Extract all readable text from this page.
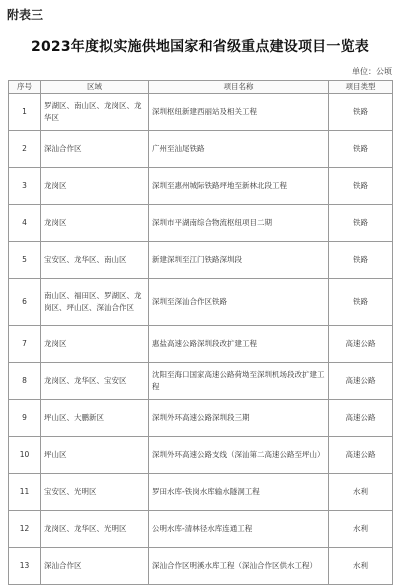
附表三
2023年度拟实施供地国家和省级重点建设项目一览表
单位：公顷
序号	区域	项目名称	项目类型
1	罗湖区、南山区、龙岗区、龙华区	深圳枢纽新建西丽站及相关工程	铁路
2	深汕合作区	广州至汕尾铁路	铁路
3	龙岗区	深圳至惠州城际铁路坪地至新林北段工程	铁路
4	龙岗区	深圳市平湖南综合物流枢纽项目二期	铁路
5	宝安区、龙华区、南山区	新建深圳至江门铁路深圳段	铁路
6	南山区、福田区、罗湖区、龙岗区、坪山区、深汕合作区	深圳至深汕合作区铁路	铁路
7	龙岗区	惠盐高速公路深圳段改扩建工程	高速公路
8	龙岗区、龙华区、宝安区	沈阳至海口国家高速公路荷坳至深圳机场段改扩建工程	高速公路
9	坪山区、大鹏新区	深圳外环高速公路深圳段三期	高速公路
10	坪山区	深圳外环高速公路支线（深汕第二高速公路至坪山）	高速公路
11	宝安区、光明区	罗田水库-铁岗水库输水隧洞工程	水利
12	龙岗区、龙华区、光明区	公明水库-清林径水库连通工程	水利
13	深汕合作区	深汕合作区明溪水库工程（深汕合作区供水工程）	水利
